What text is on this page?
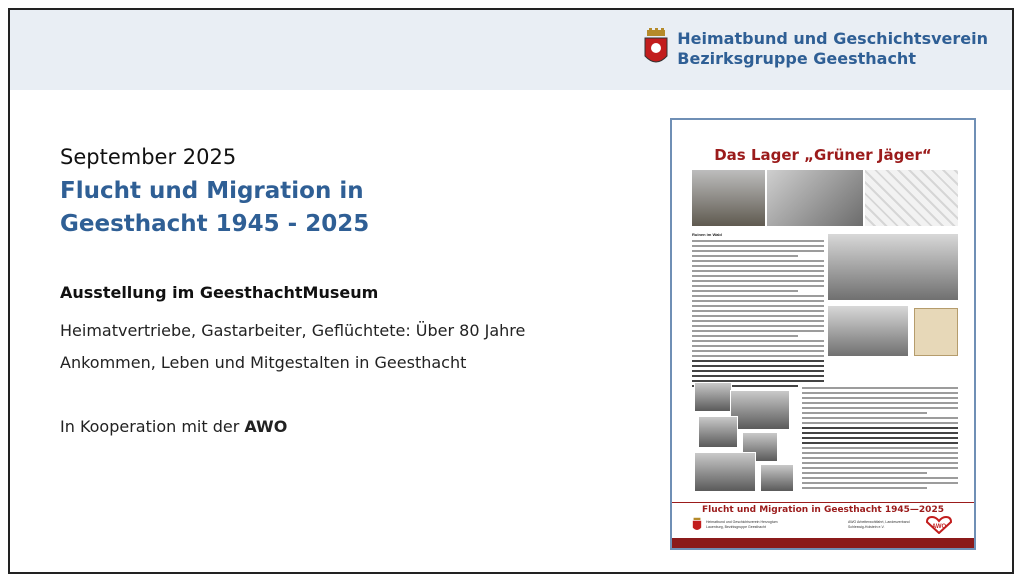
Heimatbund und Geschichtsverein
Bezirksgruppe Geesthacht
September 2025
Flucht und Migration in
Geesthacht 1945 - 2025
Ausstellung im GeesthachtMuseum
Heimatvertriebe, Gastarbeiter, Geflüchtete: Über 80 Jahre
Ankommen, Leben und Mitgestalten in Geesthacht
In Kooperation mit der AWO
Das Lager „Grüner Jäger“
Ruinen im Wald
Flucht und Migration in Geesthacht 1945—2025
Heimatbund und Geschichtsverein Herzogtum Lauenburg, Bezirksgruppe Geesthacht
AWO Arbeiterwohlfahrt, Landesverband Schleswig-Holstein e.V.	AWO
